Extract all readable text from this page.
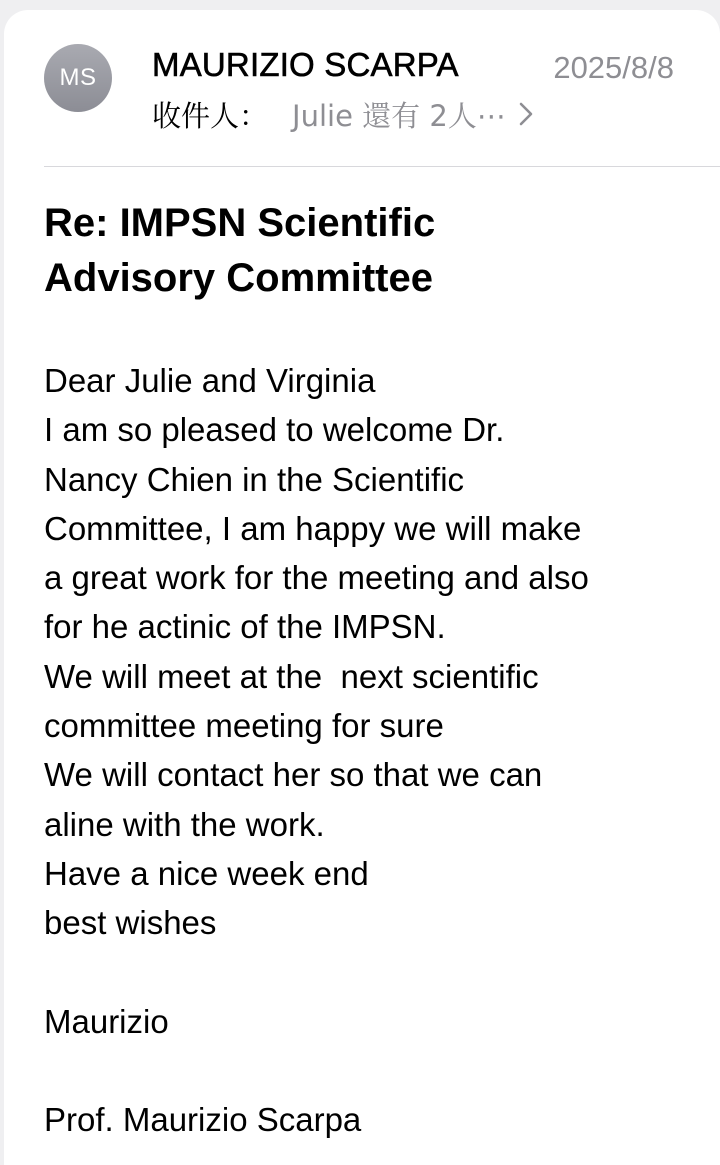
MS MAURIZIO SCARPA	2025/8/8
收件人： Julie 還有 2人⋯
Re: IMPSN Scientific
Advisory Committee
Dear Julie and Virginia
I am so pleased to welcome Dr.
Nancy Chien in the Scientific
Committee, I am happy we will make
a great work for the meeting and also
for he actinic of the IMPSN.
We will meet at the  next scientific
committee meeting for sure
We will contact her so that we can
aline with the work.
Have a nice week end
best wishes
Maurizio
Prof. Maurizio Scarpa
